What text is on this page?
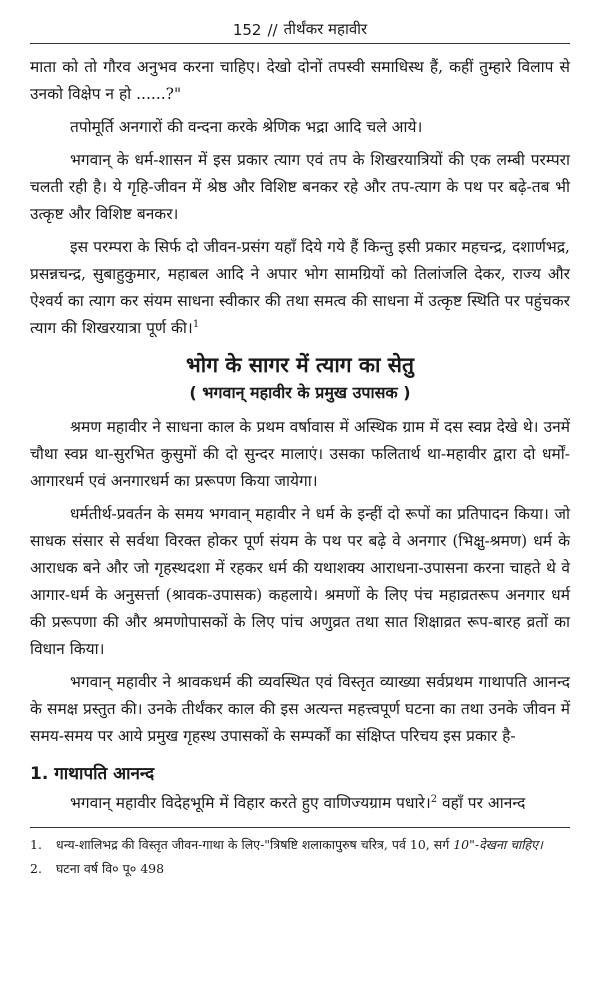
152 // तीर्थंकर महावीर

माता को तो गौरव अनुभव करना चाहिए। देखो दोनों तपस्वी समाधिस्थ हैं, कहीं तुम्हारे विलाप से उनको विक्षेप न हो ......?"

तपोमूर्ति अनगारों की वन्दना करके श्रेणिक भद्रा आदि चले आये।

भगवान् के धर्म-शासन में इस प्रकार त्याग एवं तप के शिखरयात्रियों की एक लम्बी परम्परा चलती रही है। ये गृहि-जीवन में श्रेष्ठ और विशिष्ट बनकर रहे और तप-त्याग के पथ पर बढ़े-तब भी उत्कृष्ट और विशिष्ट बनकर।

इस परम्परा के सिर्फ दो जीवन-प्रसंग यहाँ दिये गये हैं किन्तु इसी प्रकार महचन्द्र, दशार्णभद्र, प्रसन्नचन्द्र, सुबाहुकुमार, महाबल आदि ने अपार भोग सामग्रियों को तिलांजलि देकर, राज्य और ऐश्वर्य का त्याग कर संयम साधना स्वीकार की तथा समत्व की साधना में उत्कृष्ट स्थिति पर पहुंचकर त्याग की शिखरयात्रा पूर्ण की।$^1$

भोग के सागर में त्याग का सेतु
( भगवान् महावीर के प्रमुख उपासक )

श्रमण महावीर ने साधना काल के प्रथम वर्षावास में अस्थिक ग्राम में दस स्वप्न देखे थे। उनमें चौथा स्वप्न था-सुरभित कुसुमों की दो सुन्दर मालाएं। उसका फलितार्थ था-महावीर द्वारा दो धर्मों-आगारधर्म एवं अनगारधर्म का प्ररूपण किया जायेगा।

धर्मतीर्थ-प्रवर्तन के समय भगवान् महावीर ने धर्म के इन्हीं दो रूपों का प्रतिपादन किया। जो साधक संसार से सर्वथा विरक्त होकर पूर्ण संयम के पथ पर बढ़े वे अनगार (भिक्षु-श्रमण) धर्म के आराधक बने और जो गृहस्थदशा में रहकर धर्म की यथाशक्य आराधना-उपासना करना चाहते थे वे आगार-धर्म के अनुसर्त्ता (श्रावक-उपासक) कहलाये। श्रमणों के लिए पंच महाव्रतरूप अनगार धर्म की प्ररूपणा की और श्रमणोपासकों के लिए पांच अणुव्रत तथा सात शिक्षाव्रत रूप-बारह व्रतों का विधान किया।

भगवान् महावीर ने श्रावकधर्म की व्यवस्थित एवं विस्तृत व्याख्या सर्वप्रथम गाथापति आनन्द के समक्ष प्रस्तुत की। उनके तीर्थंकर काल की इस अत्यन्त महत्त्वपूर्ण घटना का तथा उनके जीवन में समय-समय पर आये प्रमुख गृहस्थ उपासकों के सम्पर्कों का संक्षिप्त परिचय इस प्रकार है-

1. गाथापति आनन्द

भगवान् महावीर विदेहभूमि में विहार करते हुए वाणिज्यग्राम पधारे।$^2$ वहाँ पर आनन्द

1.	धन्य-शालिभद्र की विस्तृत जीवन-गाथा के लिए-"त्रिषष्टि शलाकापुरुष चरित्र, पर्व 10, सर्ग 10"-देखना चाहिए।
2.	घटना वर्ष वि० पू० 498
